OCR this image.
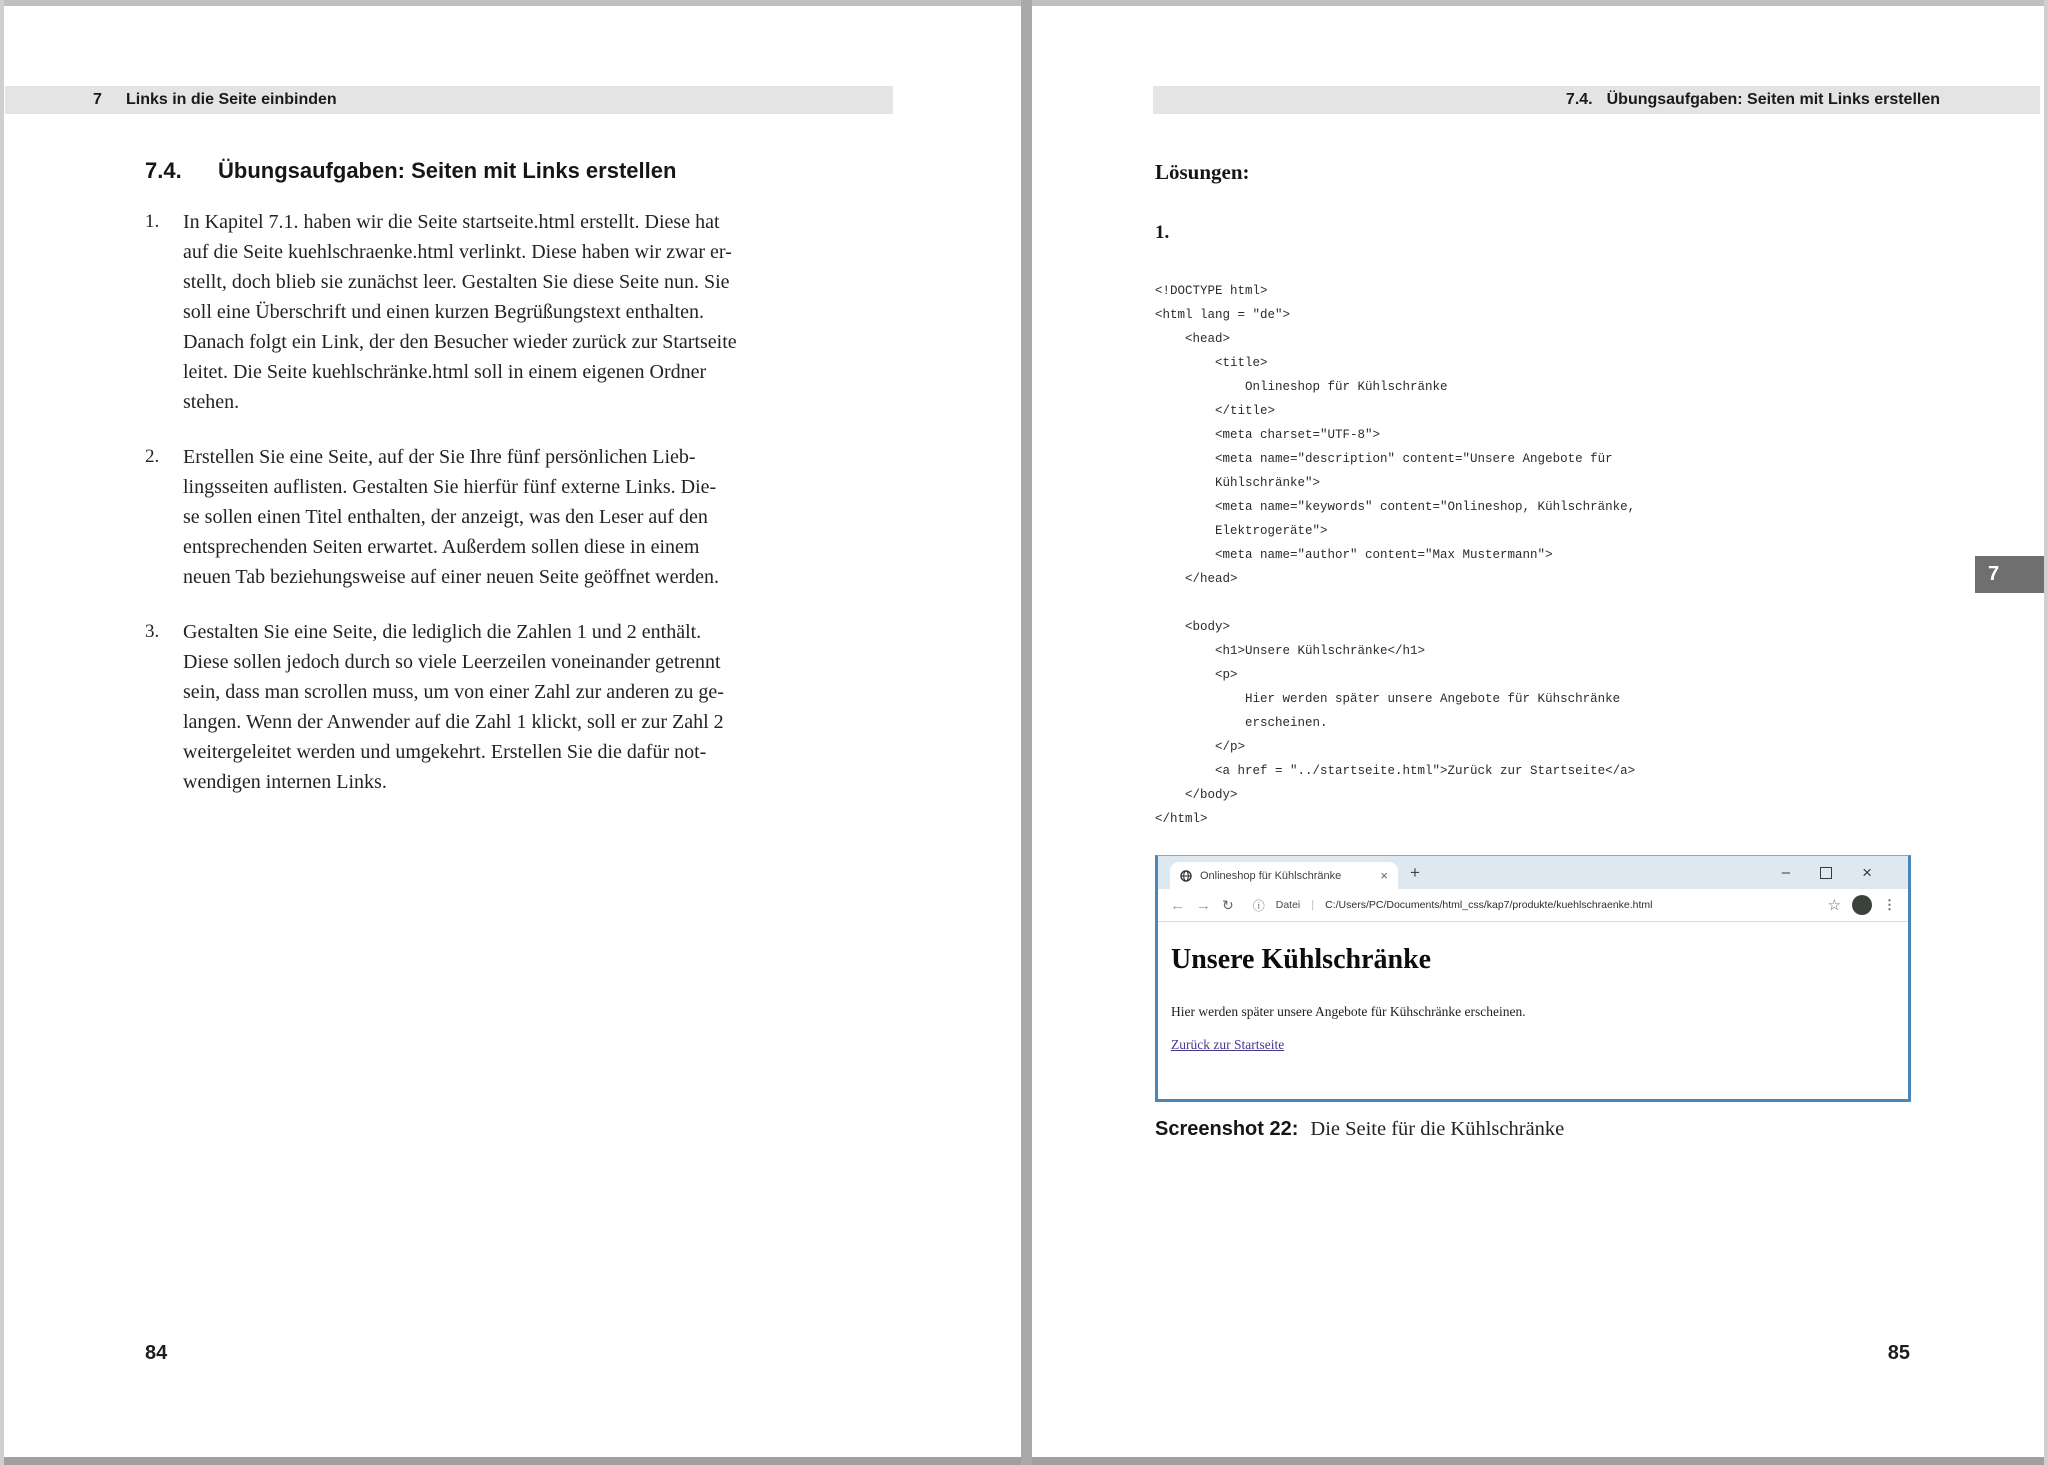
7 Links in die Seite einbinden
7.4. Übungsaufgaben: Seiten mit Links erstellen
1.	In Kapitel 7.1. haben wir die Seite startseite.html erstellt. Diese hat
auf die Seite kuehlschraenke.html verlinkt. Diese haben wir zwar er-
stellt, doch blieb sie zunächst leer. Gestalten Sie diese Seite nun. Sie
soll eine Überschrift und einen kurzen Begrüßungstext enthalten.
Danach folgt ein Link, der den Besucher wieder zurück zur Startseite
leitet. Die Seite kuehlschränke.html soll in einem eigenen Ordner
stehen.
2.	Erstellen Sie eine Seite, auf der Sie Ihre fünf persönlichen Lieb-
lingsseiten auflisten. Gestalten Sie hierfür fünf externe Links. Die-
se sollen einen Titel enthalten, der anzeigt, was den Leser auf den
entsprechenden Seiten erwartet. Außerdem sollen diese in einem
neuen Tab beziehungsweise auf einer neuen Seite geöffnet werden.
3.	Gestalten Sie eine Seite, die lediglich die Zahlen 1 und 2 enthält.
Diese sollen jedoch durch so viele Leerzeilen voneinander getrennt
sein, dass man scrollen muss, um von einer Zahl zur anderen zu ge-
langen. Wenn der Anwender auf die Zahl 1 klickt, soll er zur Zahl 2
weitergeleitet werden und umgekehrt. Erstellen Sie die dafür not-
wendigen internen Links.
84
7.4. Übungsaufgaben: Seiten mit Links erstellen
Lösungen:
1.
<!DOCTYPE html>
<html lang = "de">
<head>
<title>
Onlineshop für Kühlschränke
</title>
<meta charset="UTF-8">
<meta name="description" content="Unsere Angebote für
Kühlschränke">
<meta name="keywords" content="Onlineshop, Kühlschränke,
Elektrogeräte">
<meta name="author" content="Max Mustermann">
</head>

<body>
<h1>Unsere Kühlschränke</h1>
<p>
Hier werden später unsere Angebote für Kühschränke
erscheinen.
</p>
<a href = "../startseite.html">Zurück zur Startseite</a>
</body>
</html>
7
Onlineshop für Kühlschränke	× +	–	×
← → ↻ ⓘ Datei | C:/Users/PC/Documents/html_css/kap7/produkte/kuehlschraenke.html	☆	⋮
Unsere Kühlschränke
Hier werden später unsere Angebote für Kühschränke erscheinen.
Zurück zur Startseite
Screenshot 22: Die Seite für die Kühlschränke
85
